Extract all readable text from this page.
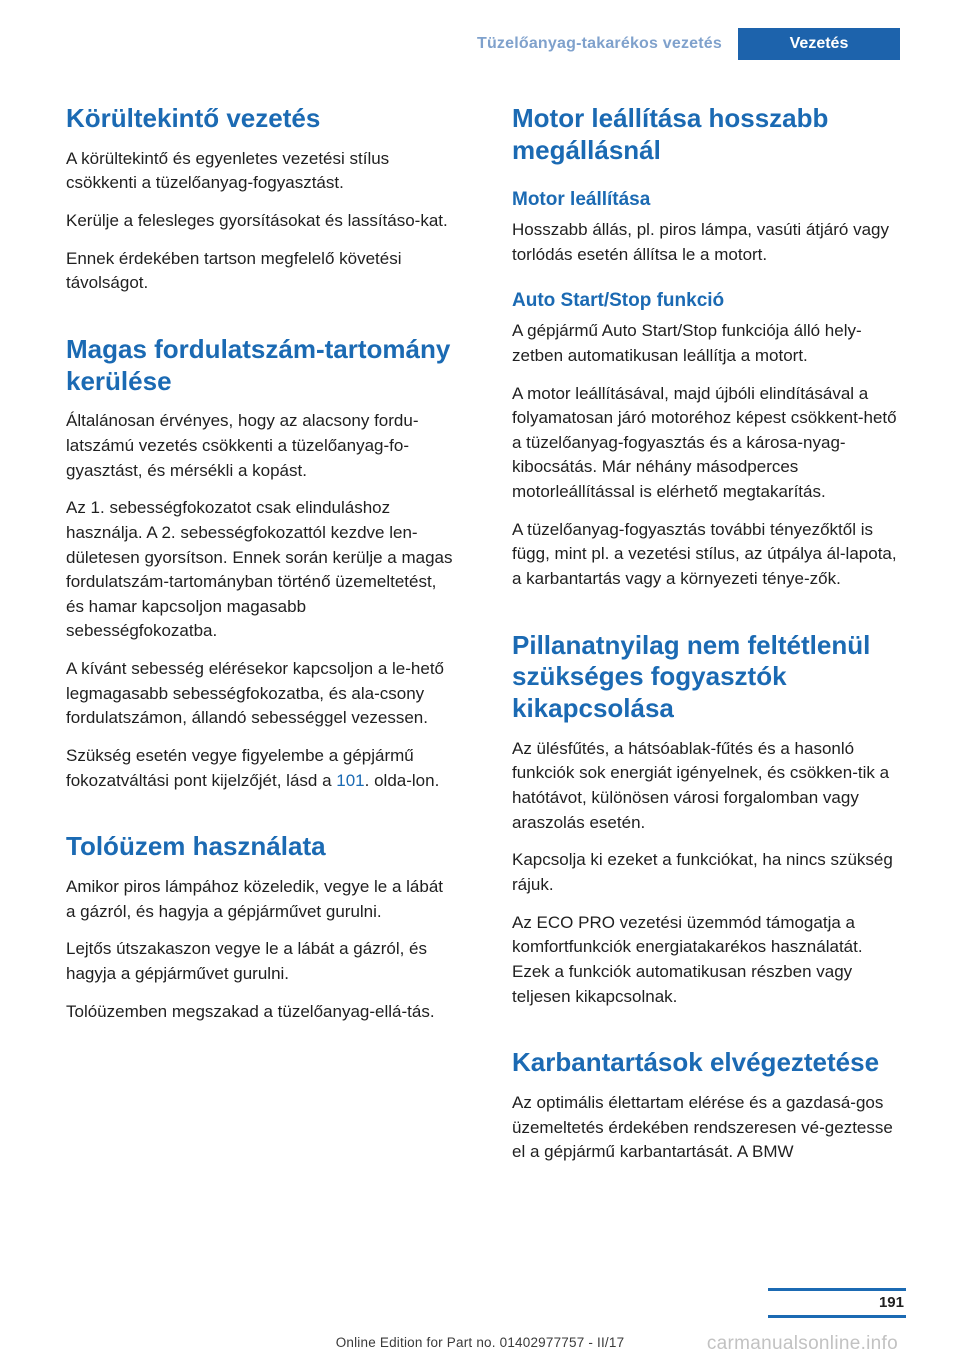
Tüzelőanyag-takarékos vezetés	Vezetés
Körültekintő vezetés

A körültekintő és egyenletes vezetési stílus csökkenti a tüzelőanyag-fogyasztást.

Kerülje a felesleges gyorsításokat és lassításo-kat.

Ennek érdekében tartson megfelelő követési távolságot.

Magas fordulatszám-tartomány kerülése

Általánosan érvényes, hogy az alacsony fordu-latszámú vezetés csökkenti a tüzelőanyag-fo-gyasztást, és mérsékli a kopást.

Az 1. sebességfokozatot csak elinduláshoz használja. A 2. sebességfokozattól kezdve len-dületesen gyorsítson. Ennek során kerülje a magas fordulatszám-tartományban történő üzemeltetést, és hamar kapcsoljon magasabb sebességfokozatba.

A kívánt sebesség elérésekor kapcsoljon a le-hető legmagasabb sebességfokozatba, és ala-csony fordulatszámon, állandó sebességgel vezessen.

Szükség esetén vegye figyelembe a gépjármű fokozatváltási pont kijelzőjét, lásd a 101. olda-lon.

Tolóüzem használata

Amikor piros lámpához közeledik, vegye le a lábát a gázról, és hagyja a gépjárművet gurulni.

Lejtős útszakaszon vegye le a lábát a gázról, és hagyja a gépjárművet gurulni.

Tolóüzemben megszakad a tüzelőanyag-ellá-tás.

Motor leállítása hosszabb megállásnál
Motor leállítása

Hosszabb állás, pl. piros lámpa, vasúti átjáró vagy torlódás esetén állítsa le a motort.

Auto Start/Stop funkció

A gépjármű Auto Start/Stop funkciója álló hely-zetben automatikusan leállítja a motort.

A motor leállításával, majd újbóli elindításával a folyamatosan járó motoréhoz képest csökkent-hető a tüzelőanyag-fogyasztás és a károsa-nyag-kibocsátás. Már néhány másodperces motorleállítással is elérhető megtakarítás.

A tüzelőanyag-fogyasztás további tényezőktől is függ, mint pl. a vezetési stílus, az útpálya ál-lapota, a karbantartás vagy a környezeti ténye-zők.

Pillanatnyilag nem feltétlenül szükséges fogyasztók kikapcsolása

Az ülésfűtés, a hátsóablak-fűtés és a hasonló funkciók sok energiát igényelnek, és csökken-tik a hatótávot, különösen városi forgalomban vagy araszolás esetén.

Kapcsolja ki ezeket a funkciókat, ha nincs szükség rájuk.

Az ECO PRO vezetési üzemmód támogatja a komfortfunkciók energiatakarékos használatát. Ezek a funkciók automatikusan részben vagy teljesen kikapcsolnak.

Karbantartások elvégeztetése

Az optimális élettartam elérése és a gazdasá-gos üzemeltetés érdekében rendszeresen vé-geztesse el a gépjármű karbantartását. A BMW

191
Online Edition for Part no. 01402977757 - II/17	carmanualsonline.info
